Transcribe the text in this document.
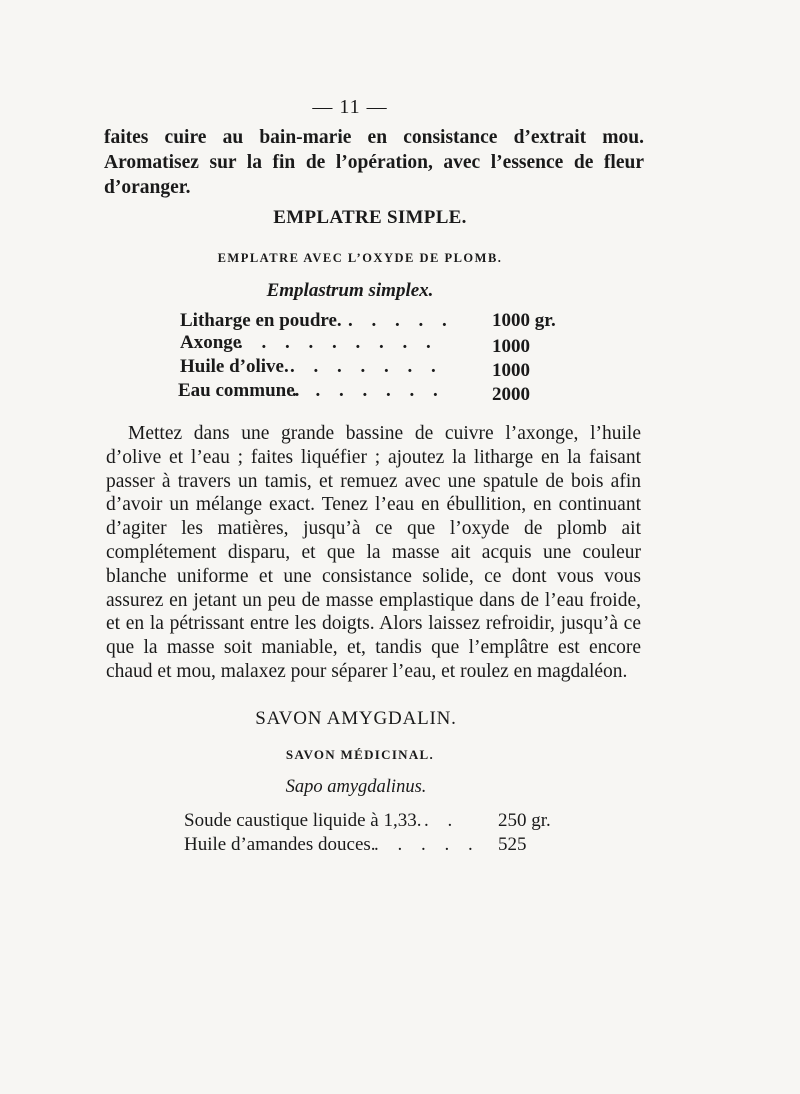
— 11 —
faites cuire au bain-marie en consistance d’extrait mou. Aromatisez sur la fin de l’opération, avec l’essence de fleur d’oranger.
EMPLATRE SIMPLE.
EMPLATRE AVEC L’OXYDE DE PLOMB.
Emplastrum simplex.
Litharge en poudre. . . . . . 1000 gr.
Axonge
. . . . . . . . .	1000
Huile d’olive. . . . . . . .	1000
Eau commune.
. . . . . . . 2000
Mettez dans une grande bassine de cuivre l’axonge, l’huile d’olive et l’eau ; faites liquéfier ; ajoutez la litharge en la faisant passer à travers un tamis, et remuez avec une spatule de bois afin d’avoir un mélange exact. Tenez l’eau en ébullition, en continuant d’agiter les matières, jusqu’à ce que l’oxyde de plomb ait complétement disparu, et que la masse ait acquis une couleur blanche uniforme et une consistance solide, ce dont vous vous assurez en jetant un peu de masse emplastique dans de l’eau froide, et en la pétrissant entre les doigts. Alors laissez refroidir, jusqu’à ce que la masse soit maniable, et, tandis que l’emplâtre est encore chaud et mou, malaxez pour séparer l’eau, et roulez en magdaléon.
SAVON AMYGDALIN.
SAVON MÉDICINAL.
Sapo amygdalinus.
Soude caustique liquide à 1,33. . . 250 gr.
Huile d’amandes douces.
. . . . . 525
